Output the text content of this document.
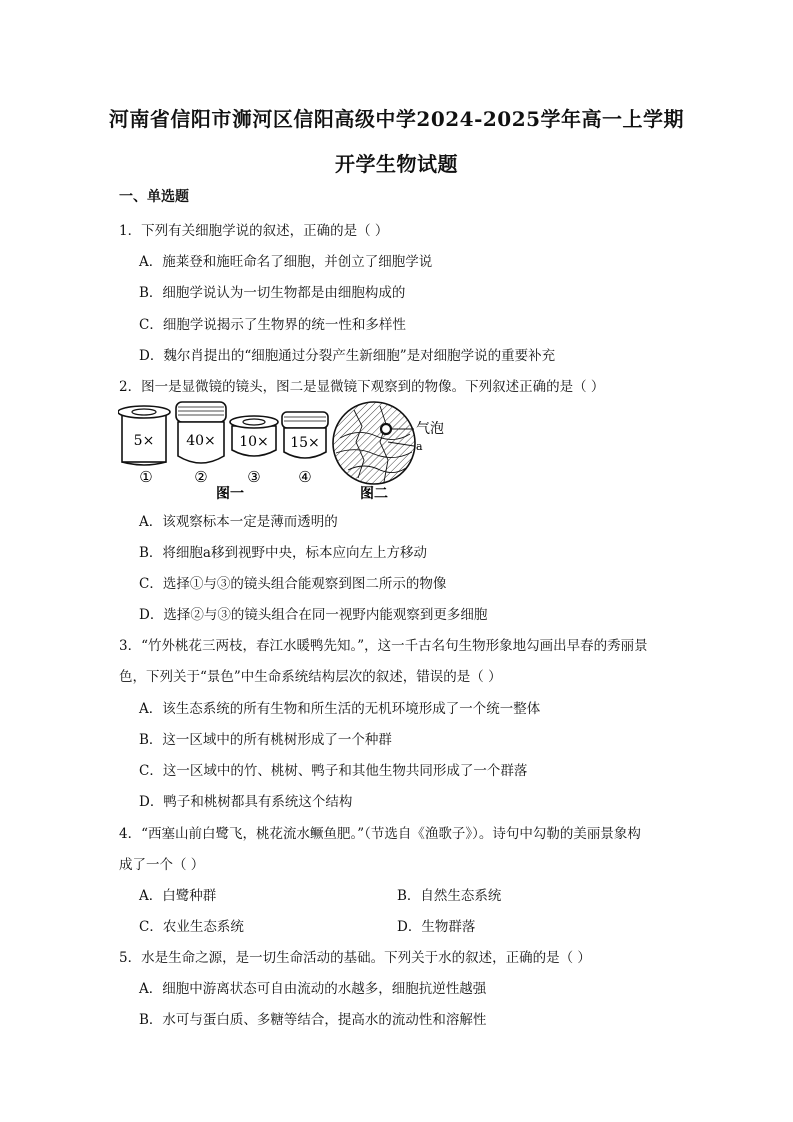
河南省信阳市浉河区信阳高级中学2024-2025学年高一上学期
开学生物试题
一、单选题
1．下列有关细胞学说的叙述，正确的是（ ）
A．施莱登和施旺命名了细胞，并创立了细胞学说
B．细胞学说认为一切生物都是由细胞构成的
C．细胞学说揭示了生物界的统一性和多样性
D．魏尔肖提出的“细胞通过分裂产生新细胞”是对细胞学说的重要补充
2．图一是显微镜的镜头，图二是显微镜下观察到的物像。下列叙述正确的是（ ）
5× 40× 10× 15×
①	②	③	④
图一
气泡
a
图二
A．该观察标本一定是薄而透明的
B．将细胞a移到视野中央，标本应向左上方移动
C．选择①与③的镜头组合能观察到图二所示的物像
D．选择②与③的镜头组合在同一视野内能观察到更多细胞
3．“竹外桃花三两枝，春江水暖鸭先知。”，这一千古名句生物形象地勾画出早春的秀丽景
色，下列关于“景色”中生命系统结构层次的叙述，错误的是（ ）
A．该生态系统的所有生物和所生活的无机环境形成了一个统一整体
B．这一区域中的所有桃树形成了一个种群
C．这一区域中的竹、桃树、鸭子和其他生物共同形成了一个群落
D．鸭子和桃树都具有系统这个结构
4．“西塞山前白鹭飞，桃花流水鳜鱼肥。”（节选自《渔歌子》）。诗句中勾勒的美丽景象构
成了一个（ ）
A．白鹭种群	B．自然生态系统
C．农业生态系统	D．生物群落
5．水是生命之源，是一切生命活动的基础。下列关于水的叙述，正确的是（ ）
A．细胞中游离状态可自由流动的水越多，细胞抗逆性越强
B．水可与蛋白质、多糖等结合，提高水的流动性和溶解性
